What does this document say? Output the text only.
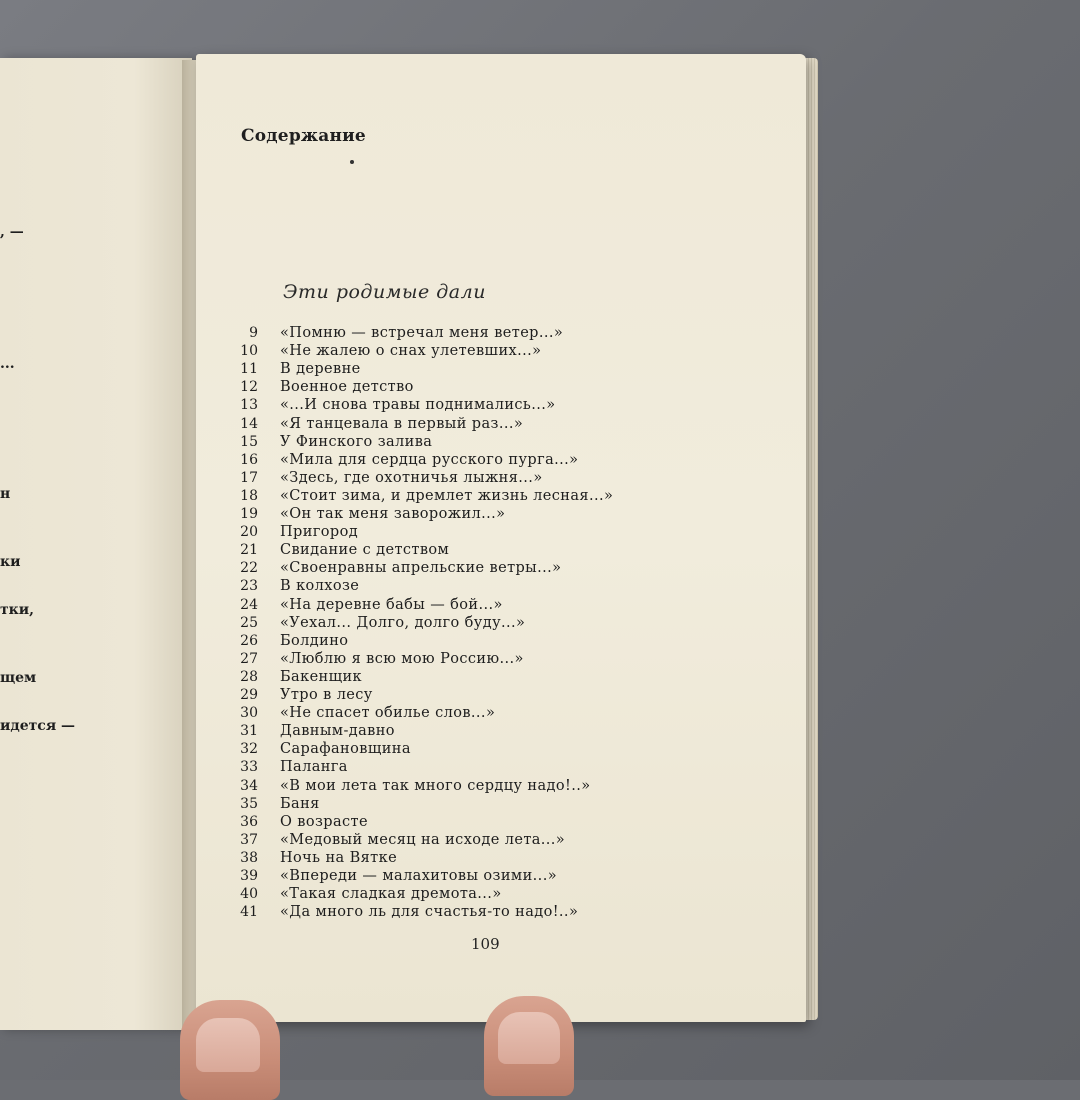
, —
...
н
ки
тки,
щем
идется —
Содержание
Эти родимые дали
9 «Помню — встречал меня ветер...»
10 «Не жалею о снах улетевших...»
11 В деревне
12 Военное детство
13 «...И снова травы поднимались...»
14 «Я танцевала в первый раз...»
15 У Финского залива
16 «Мила для сердца русского пурга...»
17 «Здесь, где охотничья лыжня...»
18 «Стоит зима, и дремлет жизнь лесная...»
19 «Он так меня заворожил...»
20 Пригород
21 Свидание с детством
22 «Своенравны апрельские ветры...»
23 В колхозе
24 «На деревне бабы — бой...»
25 «Уехал... Долго, долго буду...»
26 Болдино
27 «Люблю я всю мою Россию...»
28 Бакенщик
29 Утро в лесу
30 «Не спасет обилье слов...»
31 Давным-давно
32 Сарафановщина
33 Паланга
34 «В мои лета так много сердцу надо!..»
35 Баня
36 О возрасте
37 «Медовый месяц на исходе лета...»
38 Ночь на Вятке
39 «Впереди — малахитовы озими...»
40 «Такая сладкая дремота...»
41 «Да много ль для счастья-то надо!..»
109
